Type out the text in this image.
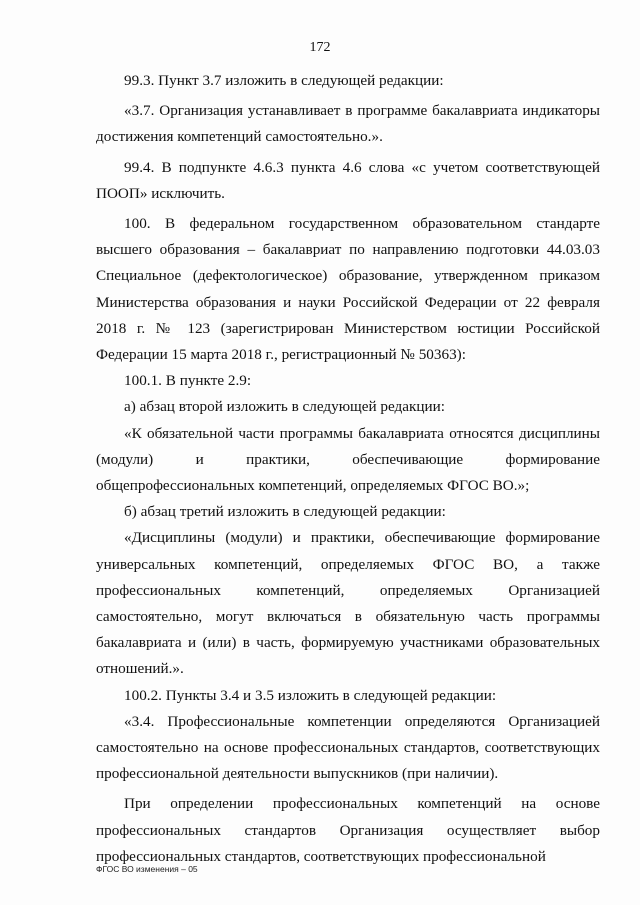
172

99.3. Пункт 3.7 изложить в следующей редакции:

«3.7. Организация устанавливает в программе бакалавриата индикаторы достижения компетенций самостоятельно.».

99.4. В подпункте 4.6.3 пункта 4.6 слова «с учетом соответствующей ПООП» исключить.

100. В федеральном государственном образовательном стандарте высшего образования – бакалавриат по направлению подготовки 44.03.03 Специальное (дефектологическое) образование, утвержденном приказом Министерства образования и науки Российской Федерации от 22 февраля 2018 г. № 123 (зарегистрирован Министерством юстиции Российской Федерации 15 марта 2018 г., регистрационный № 50363):

100.1. В пункте 2.9:

а) абзац второй изложить в следующей редакции:

«К обязательной части программы бакалавриата относятся дисциплины (модули) и практики, обеспечивающие формирование общепрофессиональных компетенций, определяемых ФГОС ВО.»;

б) абзац третий изложить в следующей редакции:

«Дисциплины (модули) и практики, обеспечивающие формирование универсальных компетенций, определяемых ФГОС ВО, а также профессиональных компетенций, определяемых Организацией самостоятельно, могут включаться в обязательную часть программы бакалавриата и (или) в часть, формируемую участниками образовательных отношений.».

100.2. Пункты 3.4 и 3.5 изложить в следующей редакции:

«3.4. Профессиональные компетенции определяются Организацией самостоятельно на основе профессиональных стандартов, соответствующих профессиональной деятельности выпускников (при наличии).

При определении профессиональных компетенций на основе профессиональных стандартов Организация осуществляет выбор профессиональных стандартов, соответствующих профессиональной

ФГОС ВО изменения – 05
